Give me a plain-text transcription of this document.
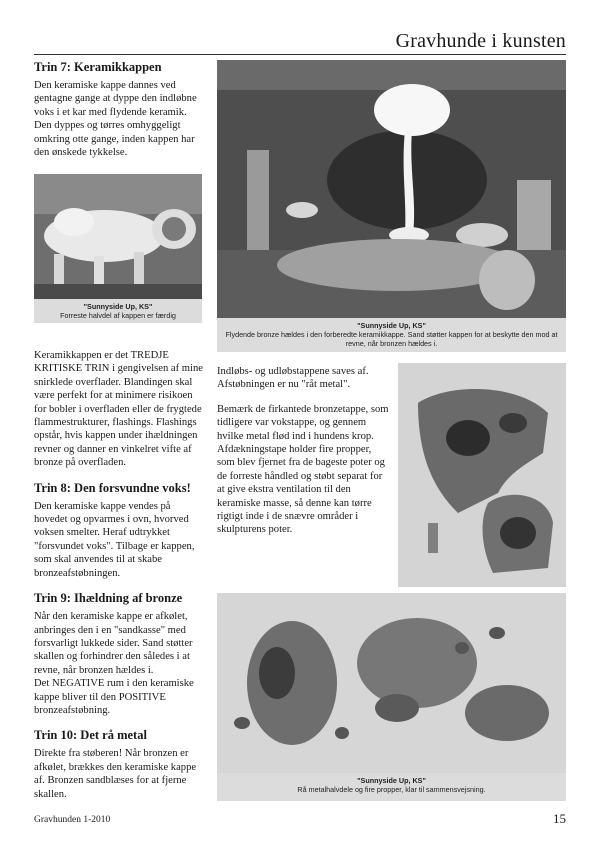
Gravhunde i kunsten
Trin 7: Keramikkappen

Den keramiske kappe dannes ved gentagne gange at dyppe den indløbne voks i et kar med flydende keramik. Den dyppes og tørres omhyggeligt omkring otte gange, inden kappen har den ønskede tykkelse.

"Sunnyside Up, KS"
Forreste halvdel af kappen er færdig

Keramikkappen er det TREDJE KRITISKE TRIN i gengivelsen af mine snirklede overflader. Blandingen skal være perfekt for at minimere risikoen for bobler i overfladen eller de frygtede flammestrukturer, flashings. Flashings opstår, hvis kappen under ihældningen revner og danner en vinkelret vifte af bronze på overfladen.

Trin 8: Den forsvundne voks!

Den keramiske kappe vendes på hovedet og opvarmes i ovn, hvorved voksen smelter. Heraf udtrykket "forsvundet voks". Tilbage er kappen, som skal anvendes til at skabe bronzeafstøbningen.

Trin 9: Ihældning af bronze

Når den keramiske kappe er afkølet, anbringes den i en "sandkasse" med forsvarligt lukkede sider. Sand støtter skallen og forhindrer den således i at revne, når bronzen hældes i.

Det NEGATIVE rum i den keramiske kappe bliver til den POSITIVE bronzeafstøbning.

Trin 10: Det rå metal

Direkte fra støberen! Når bronzen er afkølet, brækkes den keramiske kappe af. Bronzen sandblæses for at fjerne skallen.

"Sunnyside Up, KS"
Flydende bronze hældes i den forberedte keramikkappe. Sand støtter kappen for at beskytte den mod at revne, når bronzen hældes i.

Indløbs- og udløbstappene saves af. Afstøbningen er nu "råt metal".

Bemærk de firkantede bronzetappe, som tidligere var vokstappe, og gennem hvilke metal flød ind i hundens krop.

Afdækningstape holder fire propper, som blev fjernet fra de bageste poter og de forreste håndled og støbt separat for at give ekstra ventilation til den keramiske masse, så denne kan tørre rigtigt inde i de snævre områder i skulpturens poter.

"Sunnyside Up, KS"
Rå metalhalvdele og fire propper, klar til sammensvejsning.
Gravhunden 1-2010	15
